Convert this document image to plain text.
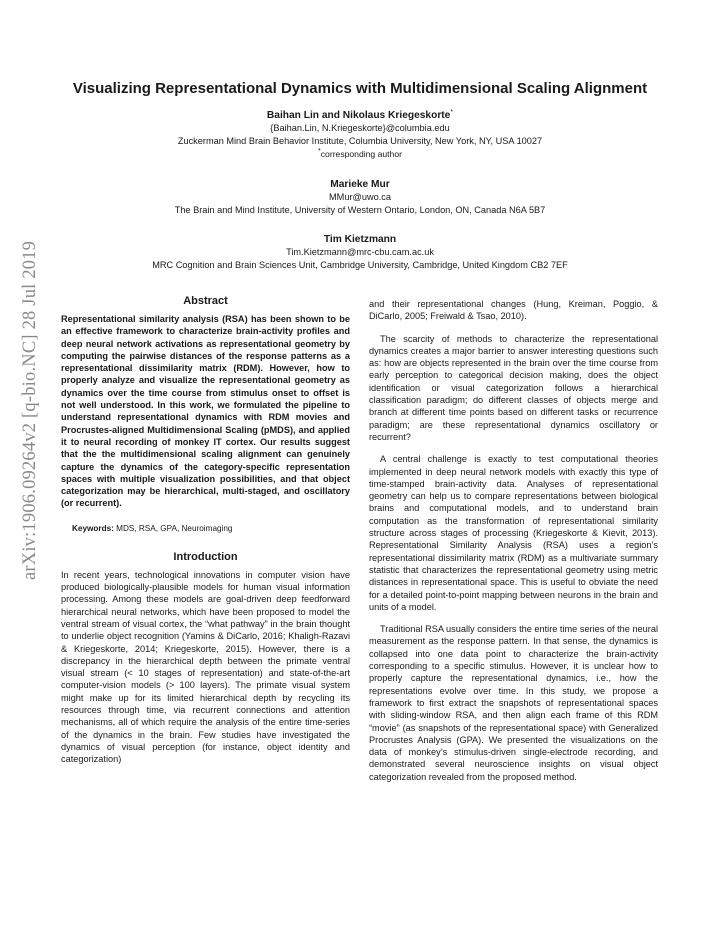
Visualizing Representational Dynamics with Multidimensional Scaling Alignment
Baihan Lin and Nikolaus Kriegeskorte*
{Baihan.Lin, N.Kriegeskorte}@columbia.edu
Zuckerman Mind Brain Behavior Institute, Columbia University, New York, NY, USA 10027
*corresponding author
Marieke Mur
MMur@uwo.ca
The Brain and Mind Institute, University of Western Ontario, London, ON, Canada N6A 5B7
Tim Kietzmann
Tim.Kietzmann@mrc-cbu.cam.ac.uk
MRC Cognition and Brain Sciences Unit, Cambridge University, Cambridge, United Kingdom CB2 7EF
arXiv:1906.09264v2 [q-bio.NC] 28 Jul 2019	Abstract

Representational similarity analysis (RSA) has been shown to be an effective framework to characterize brain-activity profiles and deep neural network activations as representational geometry by computing the pairwise distances of the response patterns as a representational dissimilarity matrix (RDM). However, how to properly analyze and visualize the representational geometry as dynamics over the time course from stimulus onset to offset is not well understood. In this work, we formulated the pipeline to understand representational dynamics with RDM movies and Procrustes-aligned Multidimensional Scaling (pMDS), and applied it to neural recording of monkey IT cortex. Our results suggest that the the multidimensional scaling alignment can genuinely capture the dynamics of the category-specific representation spaces with multiple visualization possibilities, and that object categorization may be hierarchical, multi-staged, and oscillatory (or recurrent).

Keywords: MDS, RSA, GPA, Neuroimaging
Introduction

In recent years, technological innovations in computer vision have produced biologically-plausible models for human visual information processing. Among these models are goal-driven deep feedforward hierarchical neural networks, which have been proposed to model the ventral stream of visual cortex, the “what pathway” in the brain thought to underlie object recognition (Yamins & DiCarlo, 2016; Khaligh-Razavi & Kriegeskorte, 2014; Kriegeskorte, 2015). However, there is a discrepancy in the hierarchical depth between the primate ventral visual stream (< 10 stages of representation) and state-of-the-art computer-vision models (> 100 layers). The primate visual system might make up for its limited hierarchical depth by recycling its resources through time, via recurrent connections and attention mechanisms, all of which require the analysis of the entire time-series of the dynamics in the brain. Few studies have investigated the dynamics of visual perception (for instance, object identity and categorization)

and their representational changes (Hung, Kreiman, Poggio, & DiCarlo, 2005; Freiwald & Tsao, 2010).

The scarcity of methods to characterize the representational dynamics creates a major barrier to answer interesting questions such as: how are objects represented in the brain over the time course from early perception to categorical decision making, does the object identification or visual categorization follows a hierarchical classification paradigm; do different classes of objects merge and branch at different time points based on different tasks or recurrence paradigm; are these representational dynamics oscillatory or recurrent?

A central challenge is exactly to test computational theories implemented in deep neural network models with exactly this type of time-stamped brain-activity data. Analyses of representational geometry can help us to compare representations between biological brains and computational models, and to understand brain computation as the transformation of representational similarity structure across stages of processing (Kriegeskorte & Kievit, 2013). Representational Similarity Analysis (RSA) uses a region’s representational dissimilarity matrix (RDM) as a multivariate summary statistic that characterizes the representational geometry using metric distances in representational space. This is useful to obviate the need for a detailed point-to-point mapping between neurons in the brain and units of a model.

Traditional RSA usually considers the entire time series of the neural measurement as the response pattern. In that sense, the dynamics is collapsed into one data point to characterize the brain-activity corresponding to a specific stimulus. However, it is unclear how to properly capture the representational dynamics, i.e., how the representations evolve over time. In this study, we propose a framework to first extract the snapshots of representational spaces with sliding-window RSA, and then align each frame of this RDM “movie” (as snapshots of the representational space) with Generalized Procrustes Analysis (GPA). We presented the visualizations on the data of monkey’s stimulus-driven single-electrode recording, and demonstrated several neuroscience insights on visual object categorization revealed from the proposed method.
